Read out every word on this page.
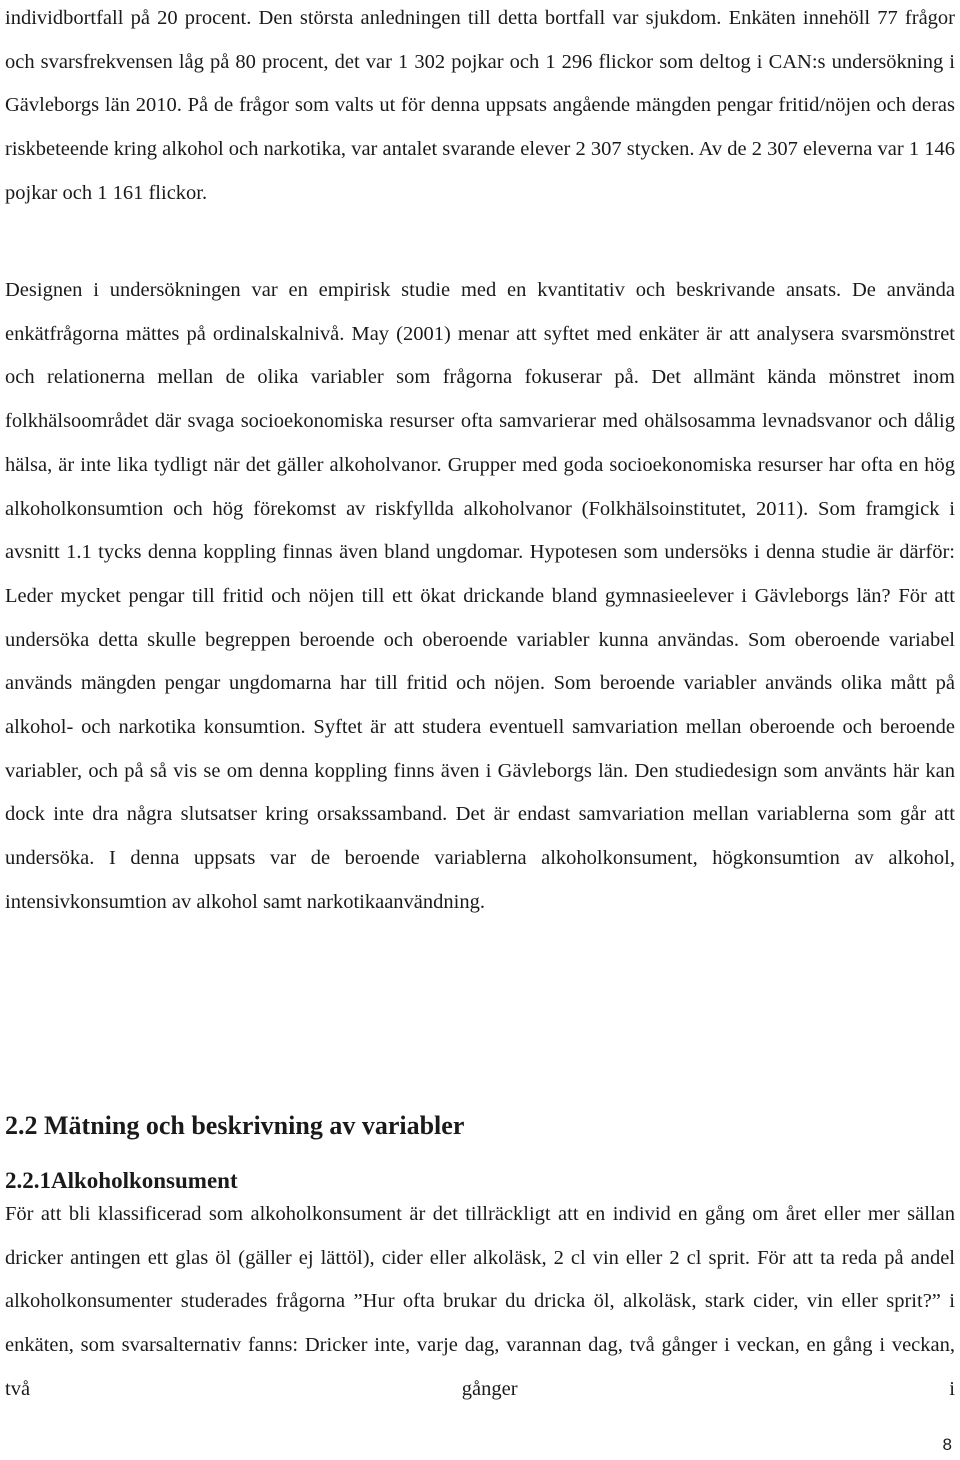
individbortfall på 20 procent. Den största anledningen till detta bortfall var sjukdom. Enkäten innehöll 77 frågor och svarsfrekvensen låg på 80 procent, det var 1 302 pojkar och 1 296 flickor som deltog i CAN:s undersökning i Gävleborgs län 2010. På de frågor som valts ut för denna uppsats angående mängden pengar fritid/nöjen och deras riskbeteende kring alkohol och narkotika, var antalet svarande elever 2 307 stycken. Av de 2 307 eleverna var 1 146 pojkar och 1 161 flickor.

Designen i undersökningen var en empirisk studie med en kvantitativ och beskrivande ansats. De använda enkätfrågorna mättes på ordinalskalnivå. May (2001) menar att syftet med enkäter är att analysera svarsmönstret och relationerna mellan de olika variabler som frågorna fokuserar på. Det allmänt kända mönstret inom folkhälsoområdet där svaga socioekonomiska resurser ofta samvarierar med ohälsosamma levnadsvanor och dålig hälsa, är inte lika tydligt när det gäller alkoholvanor. Grupper med goda socioekonomiska resurser har ofta en hög alkoholkonsumtion och hög förekomst av riskfyllda alkoholvanor (Folkhälsoinstitutet, 2011). Som framgick i avsnitt 1.1 tycks denna koppling finnas även bland ungdomar. Hypotesen som undersöks i denna studie är därför: Leder mycket pengar till fritid och nöjen till ett ökat drickande bland gymnasieelever i Gävleborgs län? För att undersöka detta skulle begreppen beroende och oberoende variabler kunna användas. Som oberoende variabel används mängden pengar ungdomarna har till fritid och nöjen. Som beroende variabler används olika mått på alkohol- och narkotika konsumtion. Syftet är att studera eventuell samvariation mellan oberoende och beroende variabler, och på så vis se om denna koppling finns även i Gävleborgs län. Den studiedesign som använts här kan dock inte dra några slutsatser kring orsakssamband. Det är endast samvariation mellan variablerna som går att undersöka. I denna uppsats var de beroende variablerna alkoholkonsument, högkonsumtion av alkohol, intensivkonsumtion av alkohol samt narkotikaanvändning.

2.2 Mätning och beskrivning av variabler
2.2.1Alkoholkonsument

För att bli klassificerad som alkoholkonsument är det tillräckligt att en individ en gång om året eller mer sällan dricker antingen ett glas öl (gäller ej lättöl), cider eller alkoläsk, 2 cl vin eller 2 cl sprit. För att ta reda på andel alkoholkonsumenter studerades frågorna ”Hur ofta brukar du dricka öl, alkoläsk, stark cider, vin eller sprit?” i enkäten, som svarsalternativ fanns: Dricker inte, varje dag, varannan dag, två gånger i veckan, en gång i veckan, två gånger i

8
